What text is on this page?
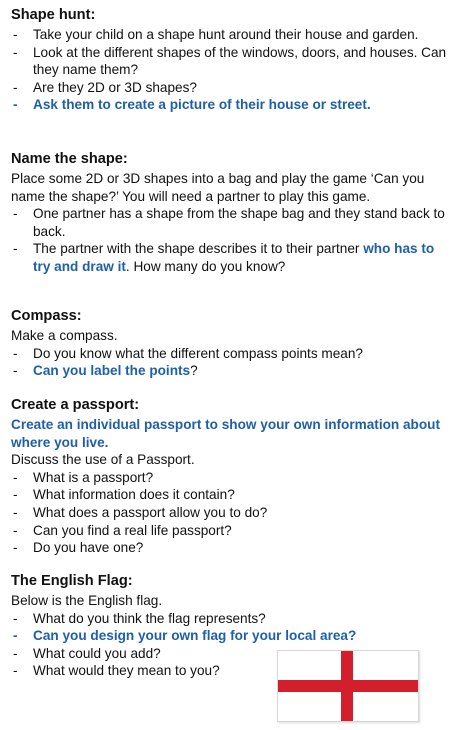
Shape hunt:
- Take your child on a shape hunt around their house and garden.
- Look at the different shapes of the windows, doors, and houses. Can they name them?
- Are they 2D or 3D shapes?
- Ask them to create a picture of their house or street.
Name the shape:

Place some 2D or 3D shapes into a bag and play the game ‘Can you name the shape?’ You will need a partner to play this game.

- One partner has a shape from the shape bag and they stand back to back.
- The partner with the shape describes it to their partner who has to try and draw it. How many do you know?
Compass:

Make a compass.

- Do you know what the different compass points mean?
- Can you label the points?
Create a passport:

Create an individual passport to show your own information about where you live.

Discuss the use of a Passport.

- What is a passport?
- What information does it contain?
- What does a passport allow you to do?
- Can you find a real life passport?
- Do you have one?
The English Flag:

Below is the English flag.

- What do you think the flag represents?
- Can you design your own flag for your local area?
- What could you add?
- What would they mean to you?
